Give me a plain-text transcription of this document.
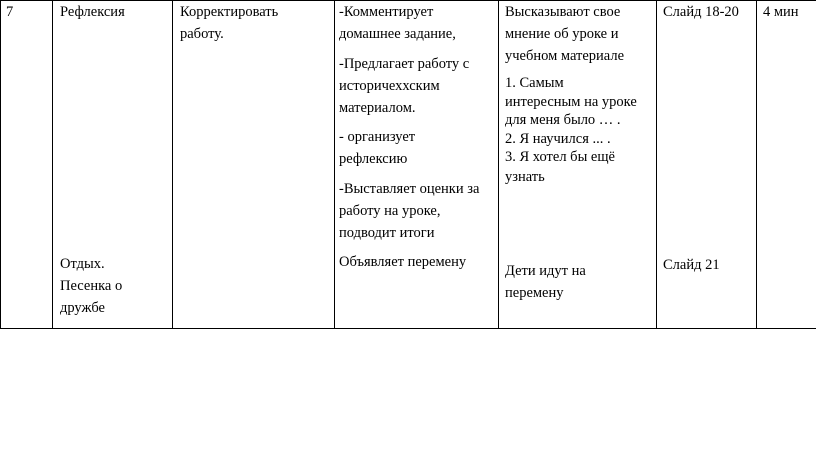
7	Рефлексия

Отдых.

Песенка о

дружбе

Корректировать

работу.

-Комментирует

домашнее задание,

-Предлагает работу с

историчеххским

материалом.

- организует

рефлексию

-Выставляет оценки за

работу на уроке,

подводит итоги

Объявляет перемену

Высказывают свое

мнение об уроке и

учебном материале

1. Самым

интересным на уроке

для меня было … .

2. Я научился ... .

3. Я хотел бы ещё

узнать

Дети идут на

перемену

Слайд 18-20

Слайд 21

4 мин
